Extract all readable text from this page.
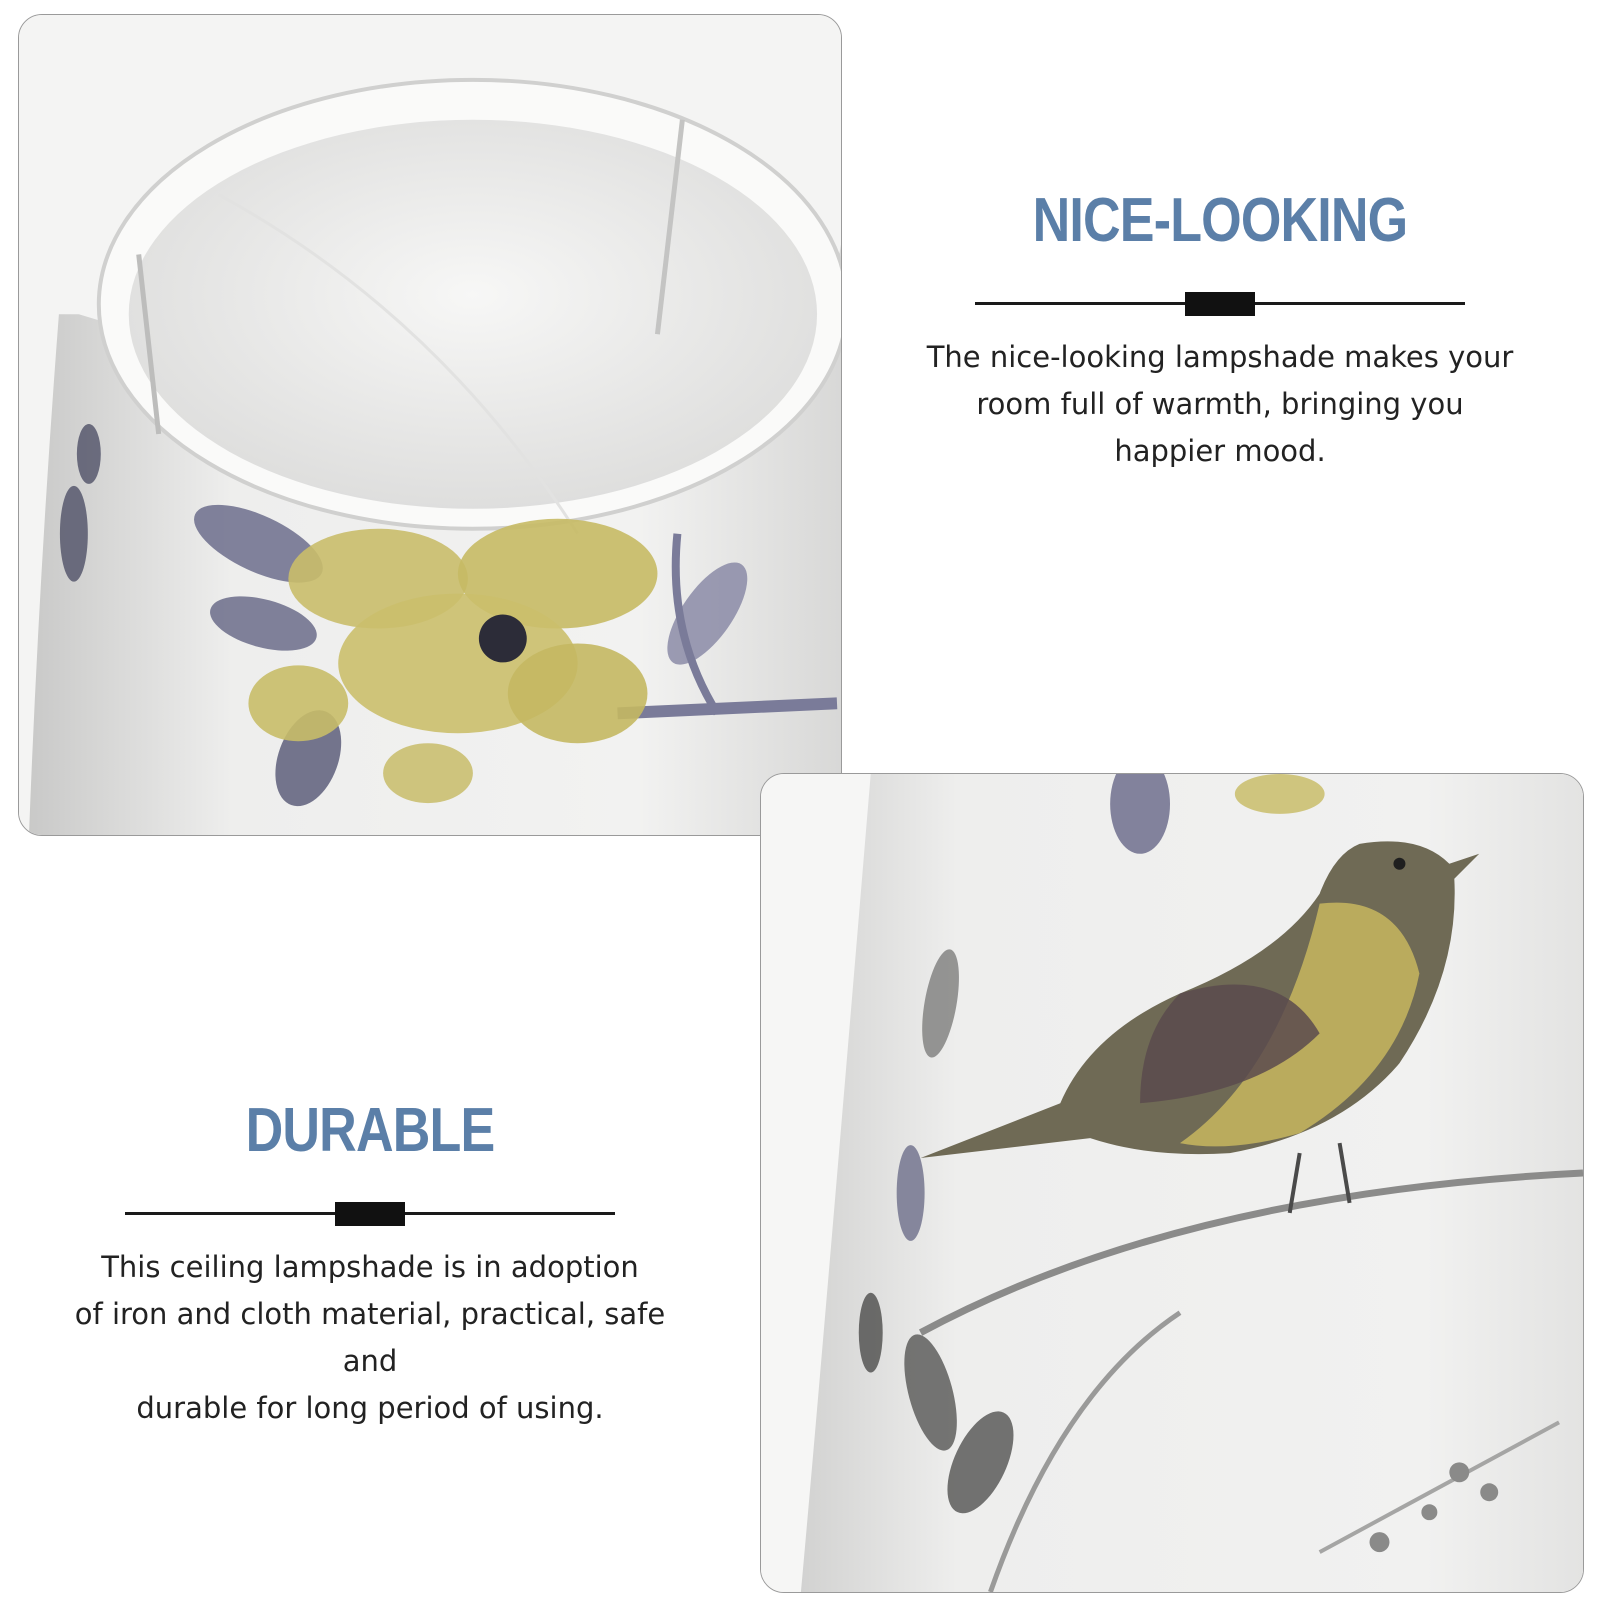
NICE-LOOKING

The nice-looking lampshade makes your
room full of warmth, bringing you
happier mood.

DURABLE

This ceiling lampshade is in adoption
of iron and cloth material, practical, safe and
durable for long period of using.
